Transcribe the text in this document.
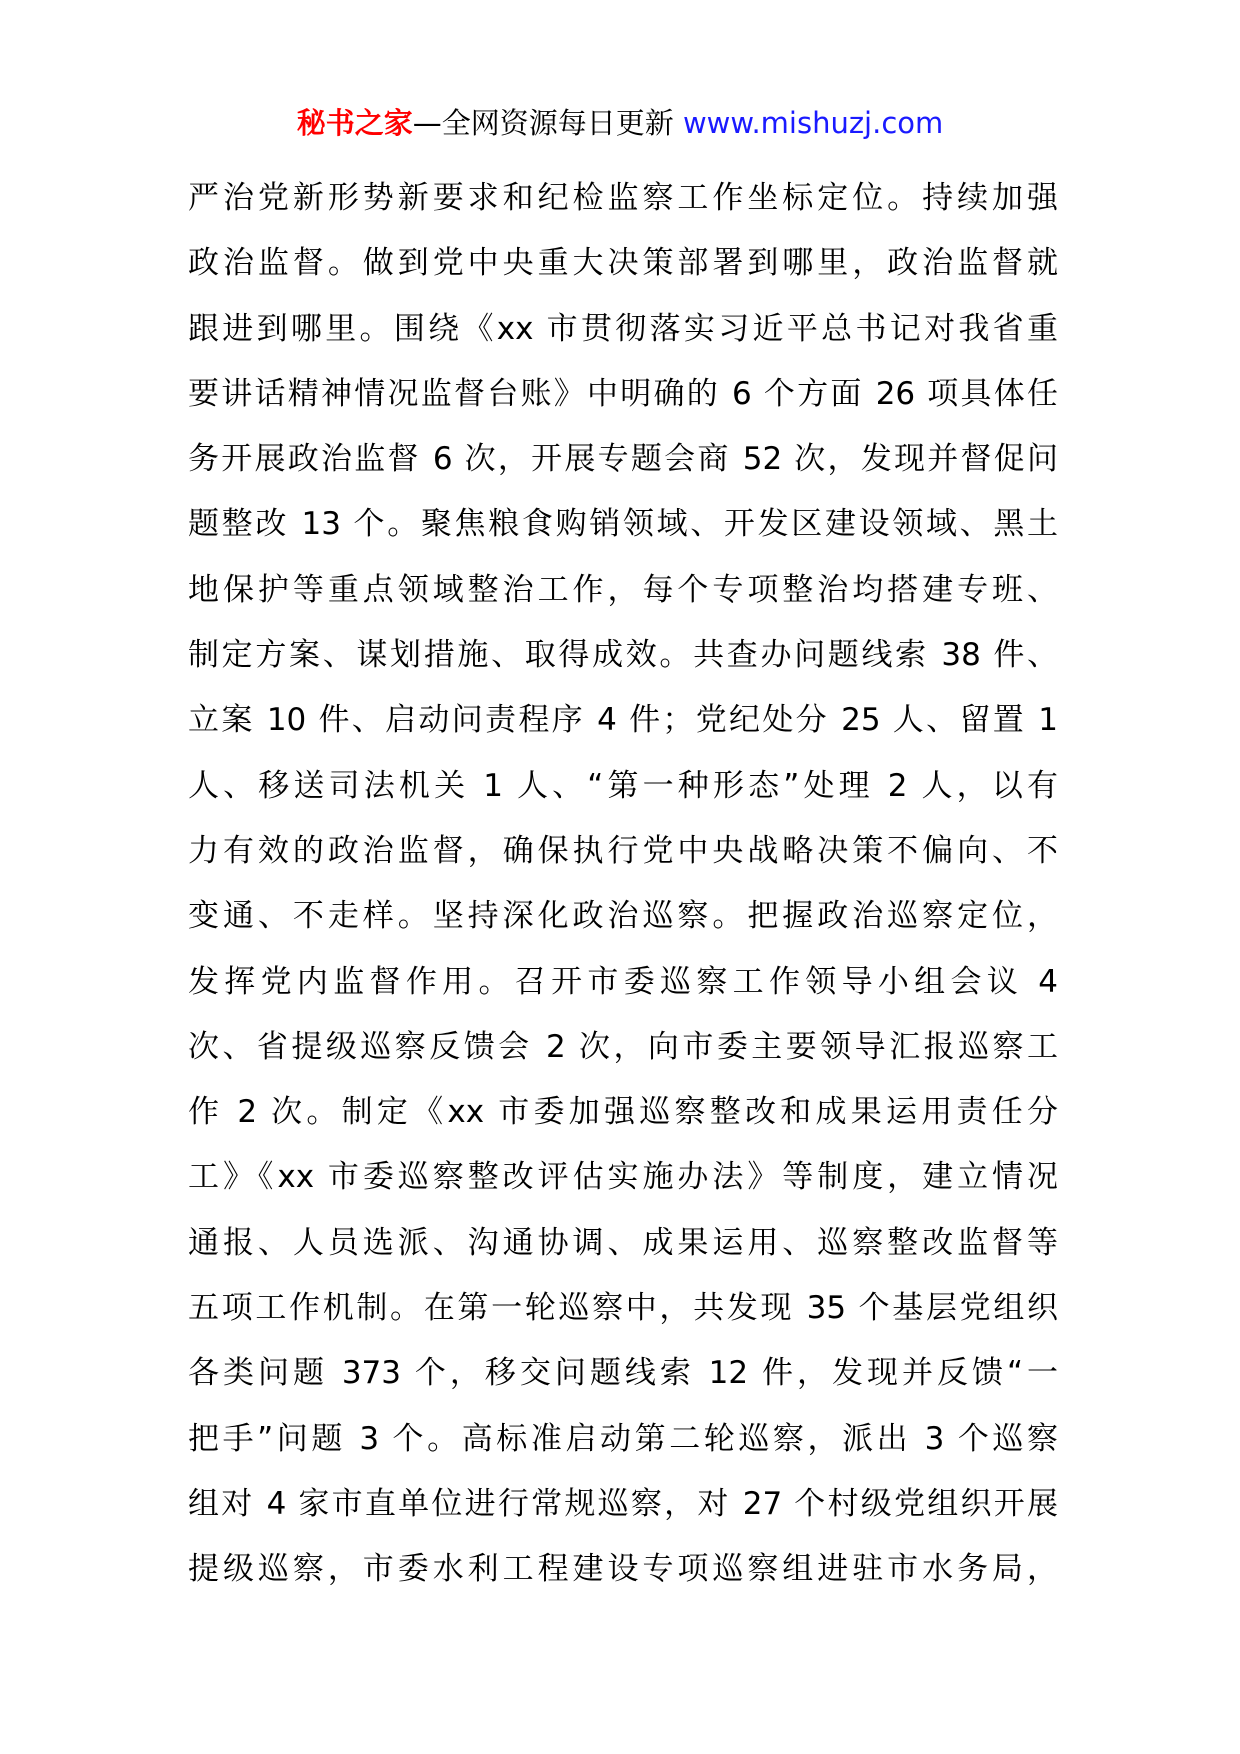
秘书之家—全网资源每日更新 www.mishuzj.com
严治党新形势新要求和纪检监察工作坐标定位。持续加强
政治监督。做到党中央重大决策部署到哪里，政治监督就
跟进到哪里。围绕《xx 市贯彻落实习近平总书记对我省重
要讲话精神情况监督台账》中明确的 6 个方面 26 项具体任
务开展政治监督 6 次，开展专题会商 52 次，发现并督促问
题整改 13 个。聚焦粮食购销领域、开发区建设领域、黑土
地保护等重点领域整治工作，每个专项整治均搭建专班、
制定方案、谋划措施、取得成效。共查办问题线索 38 件、
立案 10 件、启动问责程序 4 件；党纪处分 25 人、留置 1
人、移送司法机关 1 人、“第一种形态”处理 2 人，以有
力有效的政治监督，确保执行党中央战略决策不偏向、不
变通、不走样。坚持深化政治巡察。把握政治巡察定位，
发挥党内监督作用。召开市委巡察工作领导小组会议 4
次、省提级巡察反馈会 2 次，向市委主要领导汇报巡察工
作 2 次。制定《xx 市委加强巡察整改和成果运用责任分
工》《xx 市委巡察整改评估实施办法》等制度，建立情况
通报、人员选派、沟通协调、成果运用、巡察整改监督等
五项工作机制。在第一轮巡察中，共发现 35 个基层党组织
各类问题 373 个，移交问题线索 12 件，发现并反馈“一
把手”问题 3 个。高标准启动第二轮巡察，派出 3 个巡察
组对 4 家市直单位进行常规巡察，对 27 个村级党组织开展
提级巡察，市委水利工程建设专项巡察组进驻市水务局，
